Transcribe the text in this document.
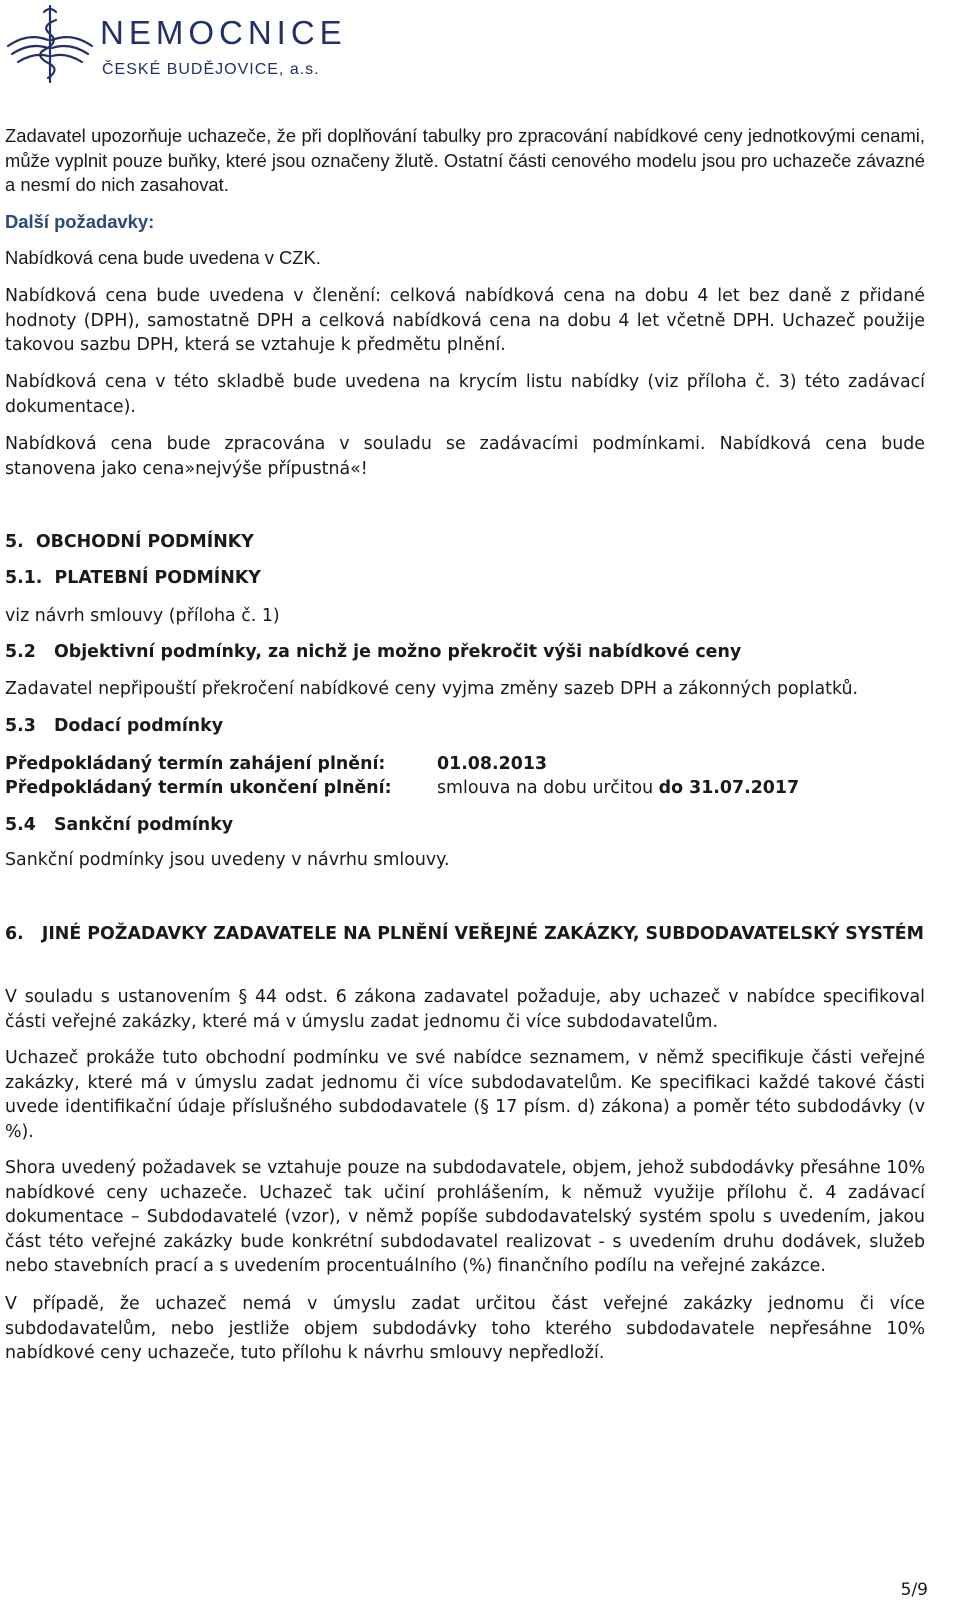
NEMOCNICE
ČESKÉ BUDĚJOVICE, a.s.

Zadavatel upozorňuje uchazeče, že při doplňování tabulky pro zpracování nabídkové ceny jednotkovými cenami, může vyplnit pouze buňky, které jsou označeny žlutě. Ostatní části cenového modelu jsou pro uchazeče závazné a nesmí do nich zasahovat.

Další požadavky:

Nabídková cena bude uvedena v CZK.

Nabídková cena bude uvedena v členění: celková nabídková cena na dobu 4 let bez daně z přidané hodnoty (DPH), samostatně DPH a celková nabídková cena na dobu 4 let včetně DPH. Uchazeč použije takovou sazbu DPH, která se vztahuje k předmětu plnění.

Nabídková cena v této skladbě bude uvedena na krycím listu nabídky (viz příloha č. 3) této zadávací dokumentace).

Nabídková cena bude zpracována v souladu se zadávacími podmínkami. Nabídková cena bude stanovena jako cena»nejvýše přípustná«!

5.  OBCHODNÍ PODMÍNKY
5.1.  PLATEBNÍ PODMÍNKY
viz návrh smlouvy (příloha č. 1)
5.2   Objektivní podmínky, za nichž je možno překročit výši nabídkové ceny
Zadavatel nepřipouští překročení nabídkové ceny vyjma změny sazeb DPH a zákonných poplatků.
5.3   Dodací podmínky
Předpokládaný termín zahájení plnění:	01.08.2013
Předpokládaný termín ukončení plnění:	smlouva na dobu určitou do 31.07.2017
5.4   Sankční podmínky
Sankční podmínky jsou uvedeny v návrhu smlouvy.
6.   JINÉ POŽADAVKY ZADAVATELE NA PLNĚNÍ VEŘEJNÉ ZAKÁZKY, SUBDODAVATELSKÝ SYSTÉM

V souladu s ustanovením § 44 odst. 6 zákona zadavatel požaduje, aby uchazeč v nabídce specifikoval části veřejné zakázky, které má v úmyslu zadat jednomu či více subdodavatelům.

Uchazeč prokáže tuto obchodní podmínku ve své nabídce seznamem, v němž specifikuje části veřejné zakázky, které má v úmyslu zadat jednomu či více subdodavatelům. Ke specifikaci každé takové části uvede identifikační údaje příslušného subdodavatele (§ 17 písm. d) zákona) a poměr této subdodávky (v %).

Shora uvedený požadavek se vztahuje pouze na subdodavatele, objem, jehož subdodávky přesáhne 10% nabídkové ceny uchazeče. Uchazeč tak učiní prohlášením, k němuž využije přílohu č. 4 zadávací dokumentace – Subdodavatelé (vzor), v němž popíše subdodavatelský systém spolu s uvedením, jakou část této veřejné zakázky bude konkrétní subdodavatel realizovat - s uvedením druhu dodávek, služeb nebo stavebních prací a s uvedením procentuálního (%) finančního podílu na veřejné zakázce.

V případě, že uchazeč nemá v úmyslu zadat určitou část veřejné zakázky jednomu či více subdodavatelům, nebo jestliže objem subdodávky toho kterého subdodavatele nepřesáhne 10% nabídkové ceny uchazeče, tuto přílohu k návrhu smlouvy nepředloží.

5/9
